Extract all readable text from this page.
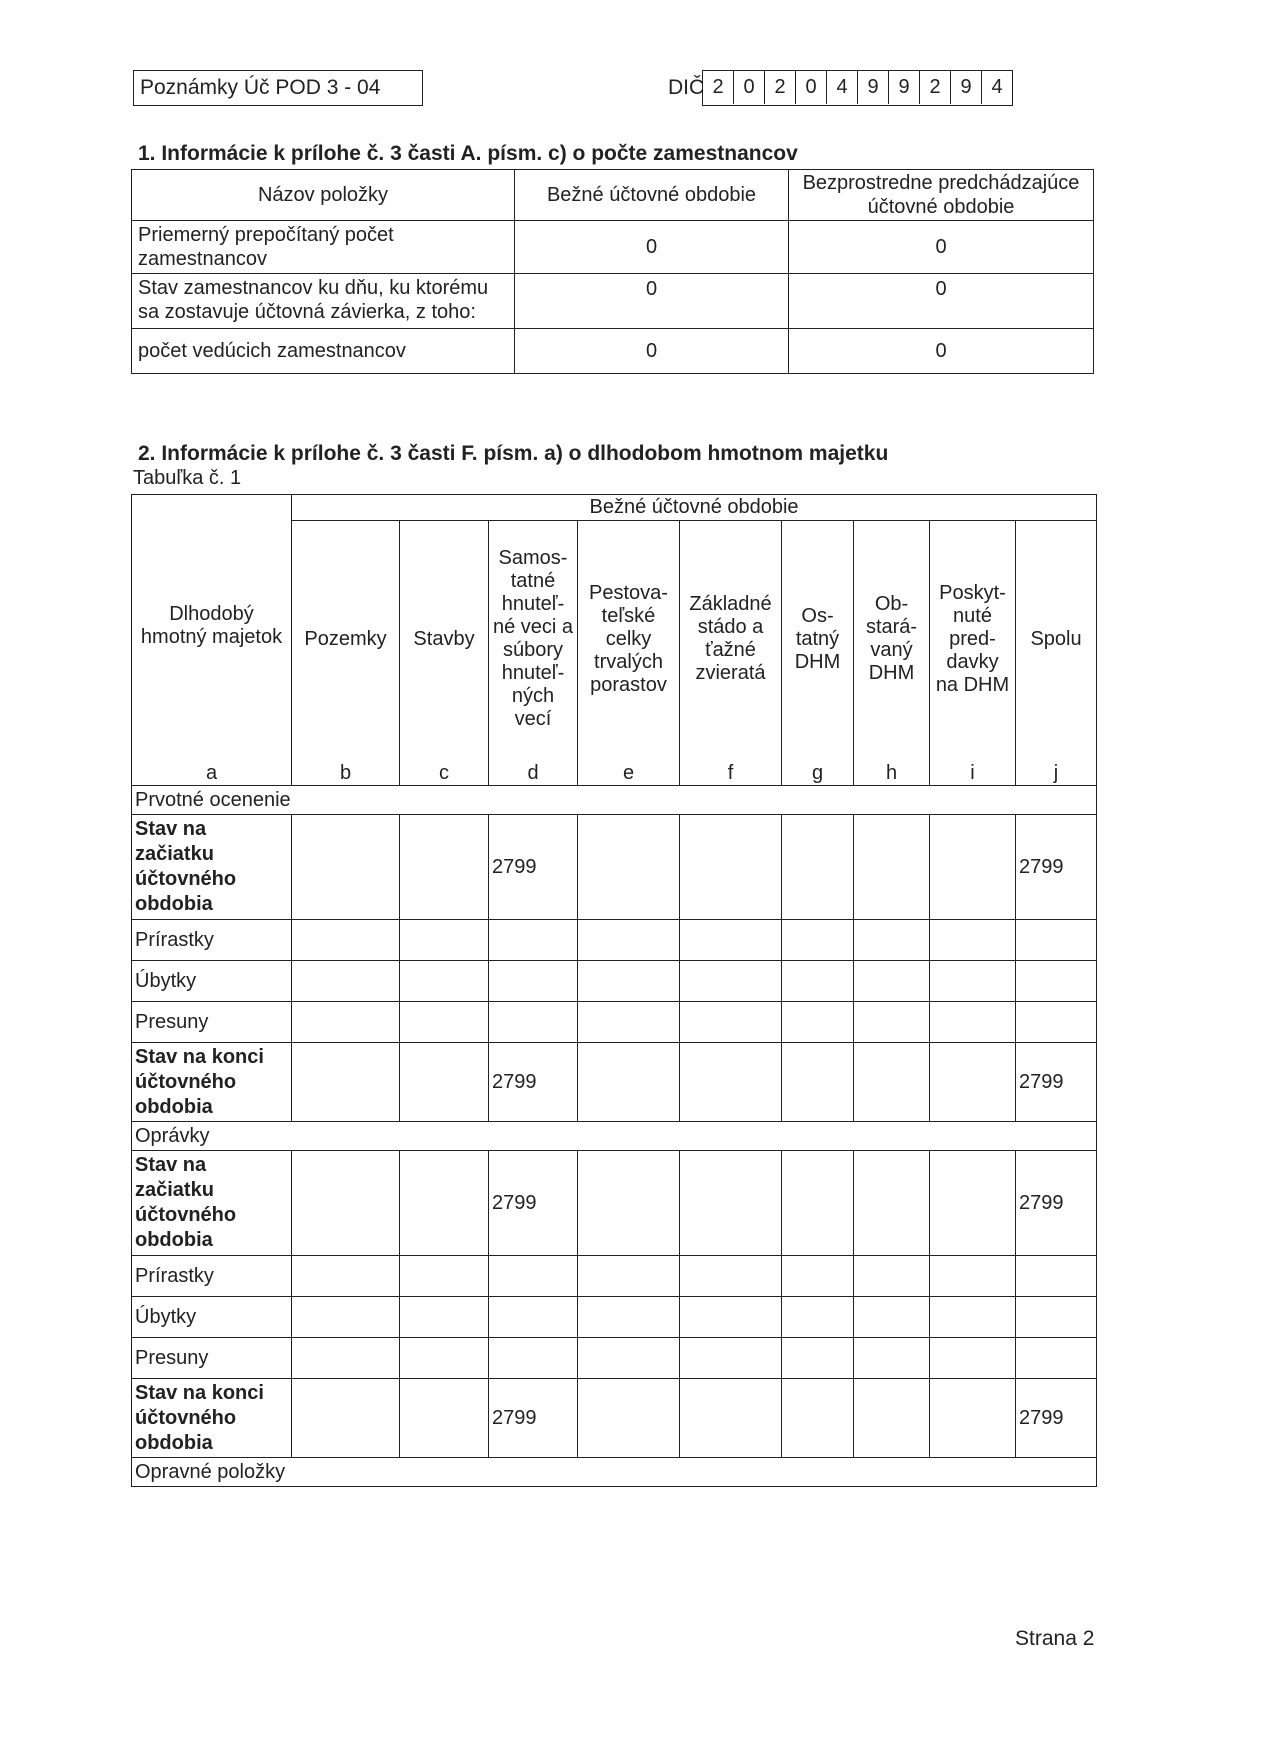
Poznámky Úč POD 3 - 04	DIČ 2 0 2 0 4 9 9 2 9 4
1. Informácie k prílohe č. 3 časti A. písm. c) o počte zamestnancov
Názov položky	Bežné účtovné obdobie	Bezprostredne predchádzajúce účtovné obdobie
Priemerný prepočítaný počet zamestnancov	0	0
Stav zamestnancov ku dňu, ku ktorému sa zostavuje účtovná závierka, z toho:	0	0
počet vedúcich zamestnancov	0	0
2. Informácie k prílohe č. 3 časti F. písm. a) o dlhodobom hmotnom majetku
Tabuľka č. 1
Dlhodobý hmotný majetok	Bežné účtovné obdobie								
	Pozemky	Stavby	Samos- tatné hnuteľ- né veci a súbory hnuteľ- ných vecí	Pestova- teľské celky trvalých porastov	Základné stádo a ťažné zvieratá	Os- tatný DHM	Ob- stará- vaný DHM	Poskyt- nuté pred- davky na DHM	Spolu
a	b	c	d	e	f	g	h	i	j
Prvotné ocenenie									
Stav na začiatku účtovného obdobia			2799						2799
Prírastky									
Úbytky									
Presuny									
Stav na konci účtovného obdobia			2799						2799
Oprávky									
Stav na začiatku účtovného obdobia			2799						2799
Prírastky									
Úbytky									
Presuny									
Stav na konci účtovného obdobia			2799						2799
Opravné položky									
Strana 2
